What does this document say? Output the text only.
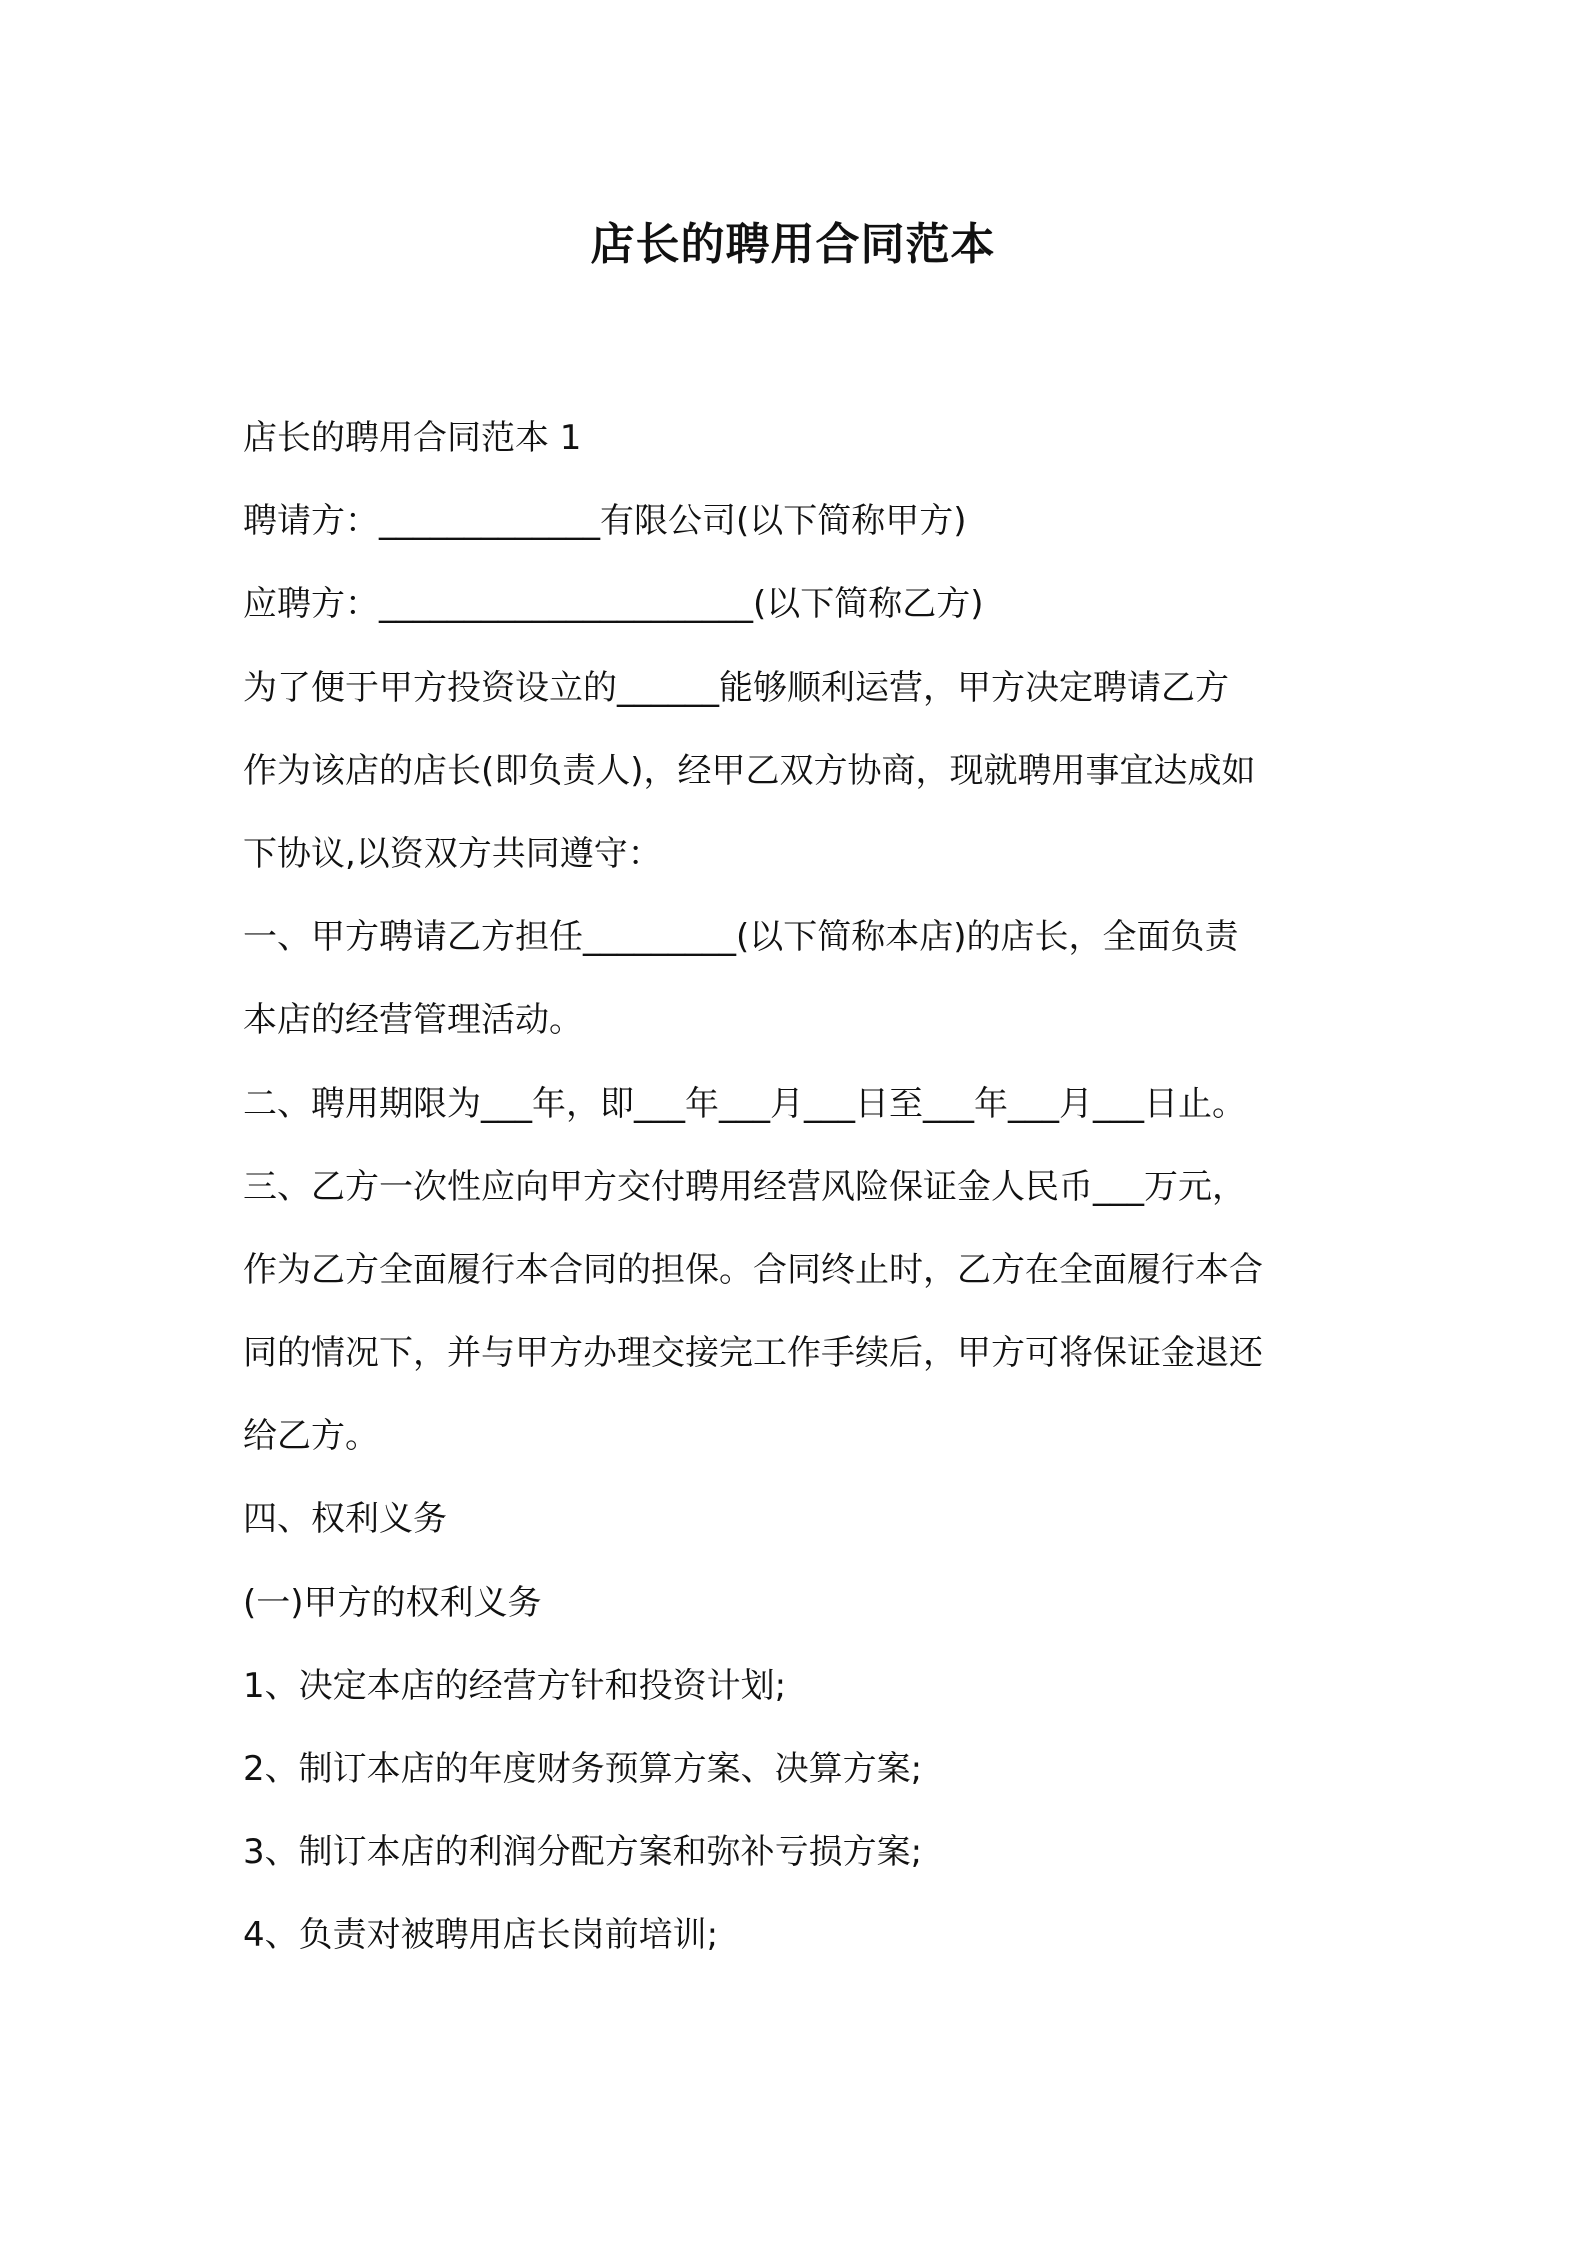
店长的聘用合同范本
店长的聘用合同范本 1
聘请方：_____________有限公司(以下简称甲方)
应聘方：______________________(以下简称乙方)
为了便于甲方投资设立的______能够顺利运营，甲方决定聘请乙方
作为该店的店长(即负责人)，经甲乙双方协商，现就聘用事宜达成如
下协议,以资双方共同遵守：
一、甲方聘请乙方担任_________(以下简称本店)的店长，全面负责
本店的经营管理活动。
二、聘用期限为___年，即___年___月___日至___年___月___日止。
三、乙方一次性应向甲方交付聘用经营风险保证金人民币___万元，
作为乙方全面履行本合同的担保。合同终止时，乙方在全面履行本合
同的情况下，并与甲方办理交接完工作手续后，甲方可将保证金退还
给乙方。
四、权利义务
(一)甲方的权利义务
1、决定本店的经营方针和投资计划;
2、制订本店的年度财务预算方案、决算方案;
3、制订本店的利润分配方案和弥补亏损方案;
4、负责对被聘用店长岗前培训;
